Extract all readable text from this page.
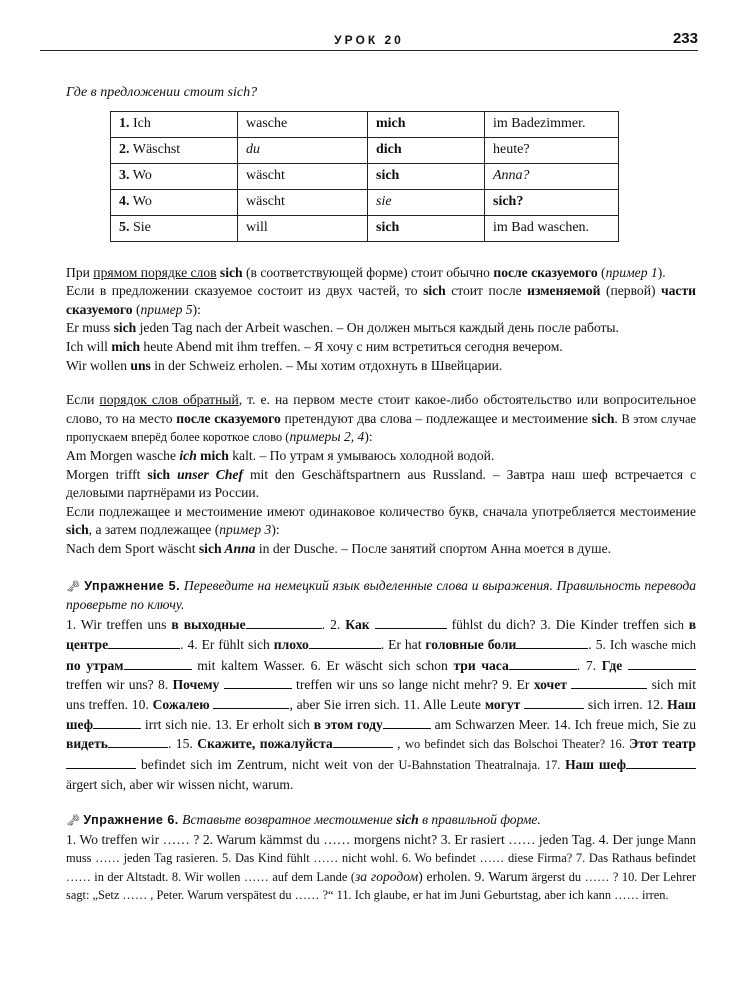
УРОК 20	233
Где в предложении стоит sich?
1. Ich	wasche	mich	im Badezimmer.
2. Wäschst	du	dich	heute?
3. Wo	wäscht	sich	Anna?
4. Wo	wäscht	sie	sich?
5. Sie	will	sich	im Bad waschen.

При прямом порядке слов sich (в соответствующей форме) стоит обычно после сказуемого (пример 1).

Если в предложении сказуемое состоит из двух частей, то sich стоит после изменяемой (первой) части сказуемого (пример 5):

Er muss sich jeden Tag nach der Arbeit waschen. – Он должен мыться каждый день после работы.

Ich will mich heute Abend mit ihm treffen. – Я хочу с ним встретиться сегодня вечером.

Wir wollen uns in der Schweiz erholen. – Мы хотим отдохнуть в Швейцарии.

Если порядок слов обратный, т. е. на первом месте стоит какое-либо обстоятельство или вопросительное слово, то на место после сказуемого претендуют два слова – подлежащее и местоимение sich. В этом случае пропускаем вперёд более короткое слово (примеры 2, 4):

Am Morgen wasche ich mich kalt. – По утрам я умываюсь холодной водой.

Morgen trifft sich unser Chef mit den Geschäftspartnern aus Russland. – Завтра наш шеф встречается с деловыми партнёрами из России.

Если подлежащее и местоимение имеют одинаковое количество букв, сначала употребляется местоимение sich, а затем подлежащее (пример 3):

Nach dem Sport wäscht sich Anna in der Dusche. – После занятий спортом Анна моется в душе.

🗝 Упражнение 5. Переведите на немецкий язык выделенные слова и выражения. Правильность перевода проверьте по ключу.

1. Wir treffen uns в выходные	. 2. Как	fühlst du dich? 3. Die Kinder treffen sich в центре	. 4. Er fühlt sich плохо	. Er hat головные боли	. 5. Ich wasche mich по утрам	mit kaltem Wasser. 6. Er wäscht sich schon три часа	. 7. Где  treffen wir uns? 8. Почему	treffen wir uns so lange nicht mehr? 9. Er хочет	sich mit uns treffen. 10. Сожалею	, aber Sie irren sich. 11. Alle Leute могут	sich irren. 12. Наш шеф	irrt sich nie. 13. Er erholt sich в этом году	am Schwarzen Meer. 14. Ich freue mich, Sie zu видеть	. 15. Скажите, пожалуйста	, wo befindet sich das Bolschoi Theater? 16. Этот театр befindet sich im Zentrum, nicht weit von der U-Bahnstation Theatralnaja. 17. Наш шеф ärgert sich, aber wir wissen nicht, warum.

🗝 Упражнение 6. Вставьте возвратное местоимение sich в правильной форме.

1. Wo treffen wir …… ? 2. Warum kämmst du …… morgens nicht? 3. Er rasiert …… jeden Tag. 4. Der junge Mann muss …… jeden Tag rasieren. 5. Das Kind fühlt …… nicht wohl. 6. Wo befindet …… diese Firma? 7. Das Rathaus befindet …… in der Altstadt. 8. Wir wollen …… auf dem Lande (за городом) erholen. 9. Warum ärgerst du …… ? 10. Der Lehrer sagt: „Setz …… , Peter. Warum verspätest du …… ?“ 11. Ich glaube, er hat im Juni Geburtstag, aber ich kann …… irren.
